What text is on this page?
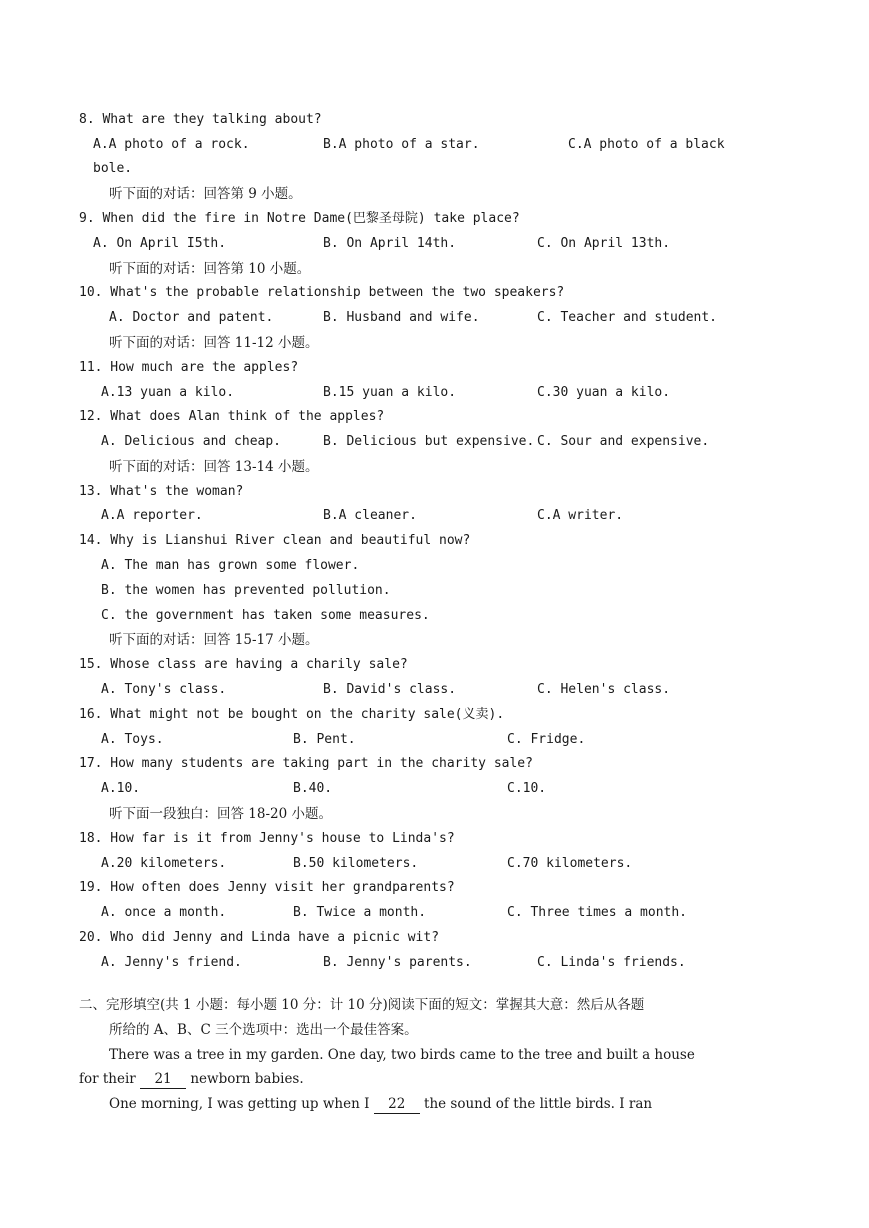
8. What are they talking about?
A.A photo of a rock.	B.A photo of a star.	C.A photo of a black
bole.
听下面的对话：回答第 9 小题。
9. When did the fire in Notre Dame(巴黎圣母院) take place?
A. On April I5th.	B. On April 14th.	C. On April 13th.
听下面的对话：回答第 10 小题。
10. What's the probable relationship between the two speakers?
A. Doctor and patent.	B. Husband and wife.	C. Teacher and student.
听下面的对话：回答 11-12 小题。
11. How much are the apples?
A.13 yuan a kilo.	B.15 yuan a kilo.	C.30 yuan a kilo.
12. What does Alan think of the apples?
A. Delicious and cheap.	B. Delicious but expensive. C. Sour and expensive.
听下面的对话：回答 13-14 小题。
13. What's the woman?
A.A reporter.	B.A cleaner.	C.A writer.
14. Why is Lianshui River clean and beautiful now?
A. The man has grown some flower.
B. the women has prevented pollution.
C. the government has taken some measures.
听下面的对话：回答 15-17 小题。
15. Whose class are having a charily sale?
A. Tony's class.	B. David's class.	C. Helen's class.
16. What might not be bought on the charity sale(义卖).
A. Toys.	B. Pent.	C. Fridge.
17. How many students are taking part in the charity sale?
A.10.	B.40.	C.10.
听下面一段独白：回答 18-20 小题。
18. How far is it from Jenny's house to Linda's?
A.20 kilometers.	B.50 kilometers.	C.70 kilometers.
19. How often does Jenny visit her grandparents?
A. once a month.	B. Twice a month.	C. Three times a month.
20. Who did Jenny and Linda have a picnic wit?
A. Jenny's friend.	B. Jenny's parents.	C. Linda's friends.
二、完形填空(共 1 小题：每小题 10 分：计 10 分)阅读下面的短文：掌握其大意：然后从各题
所给的 A、B、C 三个选项中：选出一个最佳答案。
There was a tree in my garden. One day, two birds came to the tree and built a house
for their 21 newborn babies.
One morning, I was getting up when I 22 the sound of the little birds. I ran
